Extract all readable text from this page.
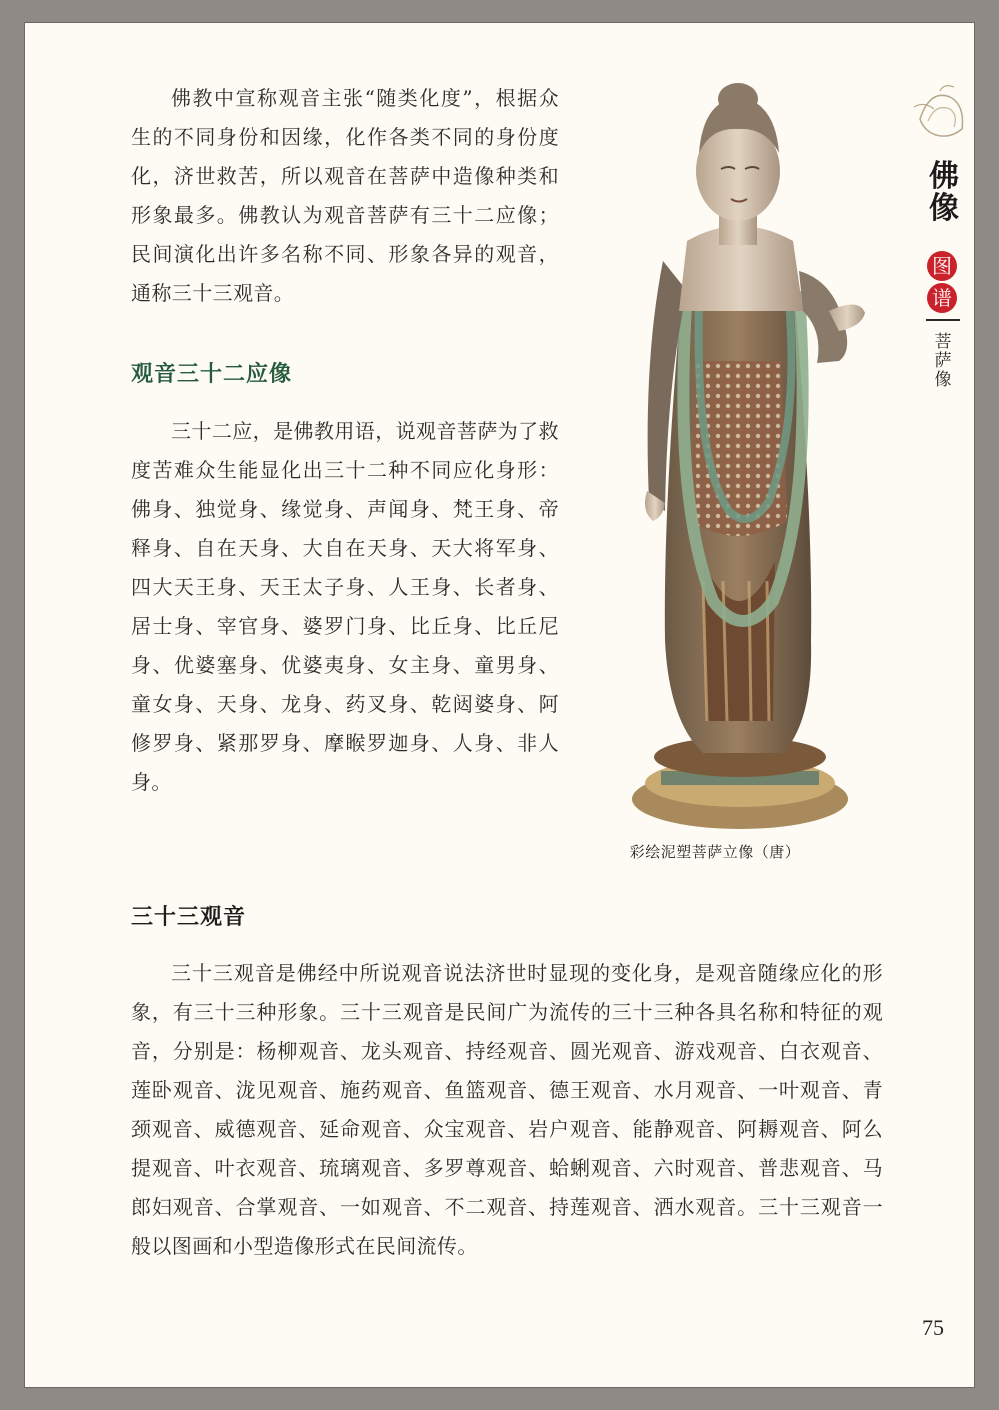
佛教中宣称观音主张“随类化度”，根据众生的不同身份和因缘，化作各类不同的身份度化，济世救苦，所以观音在菩萨中造像种类和形象最多。佛教认为观音菩萨有三十二应像；民间演化出许多名称不同、形象各异的观音，通称三十三观音。

观音三十二应像

三十二应，是佛教用语，说观音菩萨为了救度苦难众生能显化出三十二种不同应化身形：佛身、独觉身、缘觉身、声闻身、梵王身、帝释身、自在天身、大自在天身、天大将军身、四大天王身、天王太子身、人王身、长者身、居士身、宰官身、婆罗门身、比丘身、比丘尼身、优婆塞身、优婆夷身、女主身、童男身、童女身、天身、龙身、药叉身、乾闼婆身、阿修罗身、紧那罗身、摩睺罗迦身、人身、非人身。

彩绘泥塑菩萨立像（唐）

三十三观音

三十三观音是佛经中所说观音说法济世时显现的变化身，是观音随缘应化的形象，有三十三种形象。三十三观音是民间广为流传的三十三种各具名称和特征的观音，分别是：杨柳观音、龙头观音、持经观音、圆光观音、游戏观音、白衣观音、莲卧观音、泷见观音、施药观音、鱼篮观音、德王观音、水月观音、一叶观音、青颈观音、威德观音、延命观音、众宝观音、岩户观音、能静观音、阿耨观音、阿么提观音、叶衣观音、琉璃观音、多罗尊观音、蛤蜊观音、六时观音、普悲观音、马郎妇观音、合掌观音、一如观音、不二观音、持莲观音、洒水观音。三十三观音一般以图画和小型造像形式在民间流传。

佛
像
图
谱
菩
萨
像
75
